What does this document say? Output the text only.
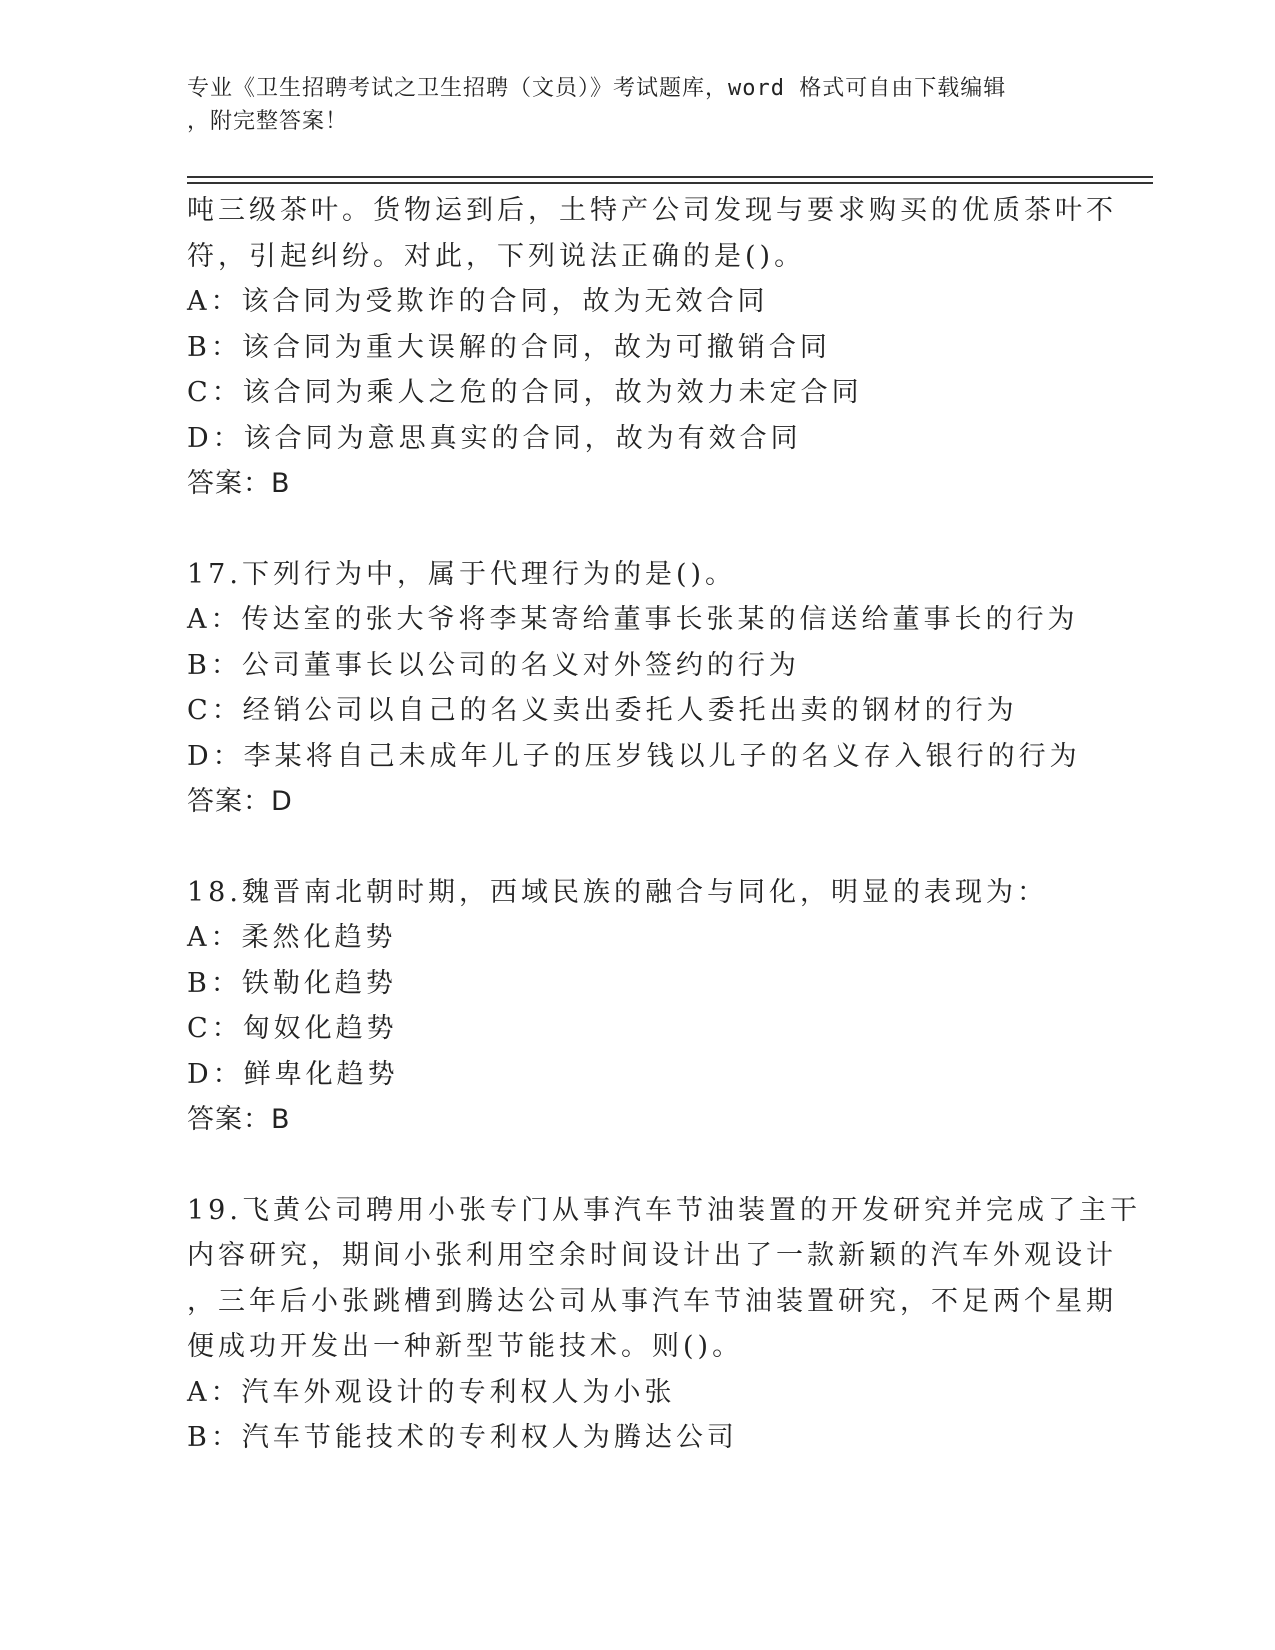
专业《卫生招聘考试之卫生招聘（文员）》考试题库，word 格式可自由下载编辑
，附完整答案！
吨三级茶叶。货物运到后，土特产公司发现与要求购买的优质茶叶不
符，引起纠纷。对此，下列说法正确的是()。
A：该合同为受欺诈的合同，故为无效合同
B：该合同为重大误解的合同，故为可撤销合同
C：该合同为乘人之危的合同，故为效力未定合同
D：该合同为意思真实的合同，故为有效合同
答案：B
17.下列行为中，属于代理行为的是()。
A：传达室的张大爷将李某寄给董事长张某的信送给董事长的行为
B：公司董事长以公司的名义对外签约的行为
C：经销公司以自己的名义卖出委托人委托出卖的钢材的行为
D：李某将自己未成年儿子的压岁钱以儿子的名义存入银行的行为
答案：D
18.魏晋南北朝时期，西域民族的融合与同化，明显的表现为：
A：柔然化趋势
B：铁勒化趋势
C：匈奴化趋势
D：鲜卑化趋势
答案：B
19.飞黄公司聘用小张专门从事汽车节油装置的开发研究并完成了主干
内容研究，期间小张利用空余时间设计出了一款新颖的汽车外观设计
，三年后小张跳槽到腾达公司从事汽车节油装置研究，不足两个星期
便成功开发出一种新型节能技术。则()。
A：汽车外观设计的专利权人为小张
B：汽车节能技术的专利权人为腾达公司
